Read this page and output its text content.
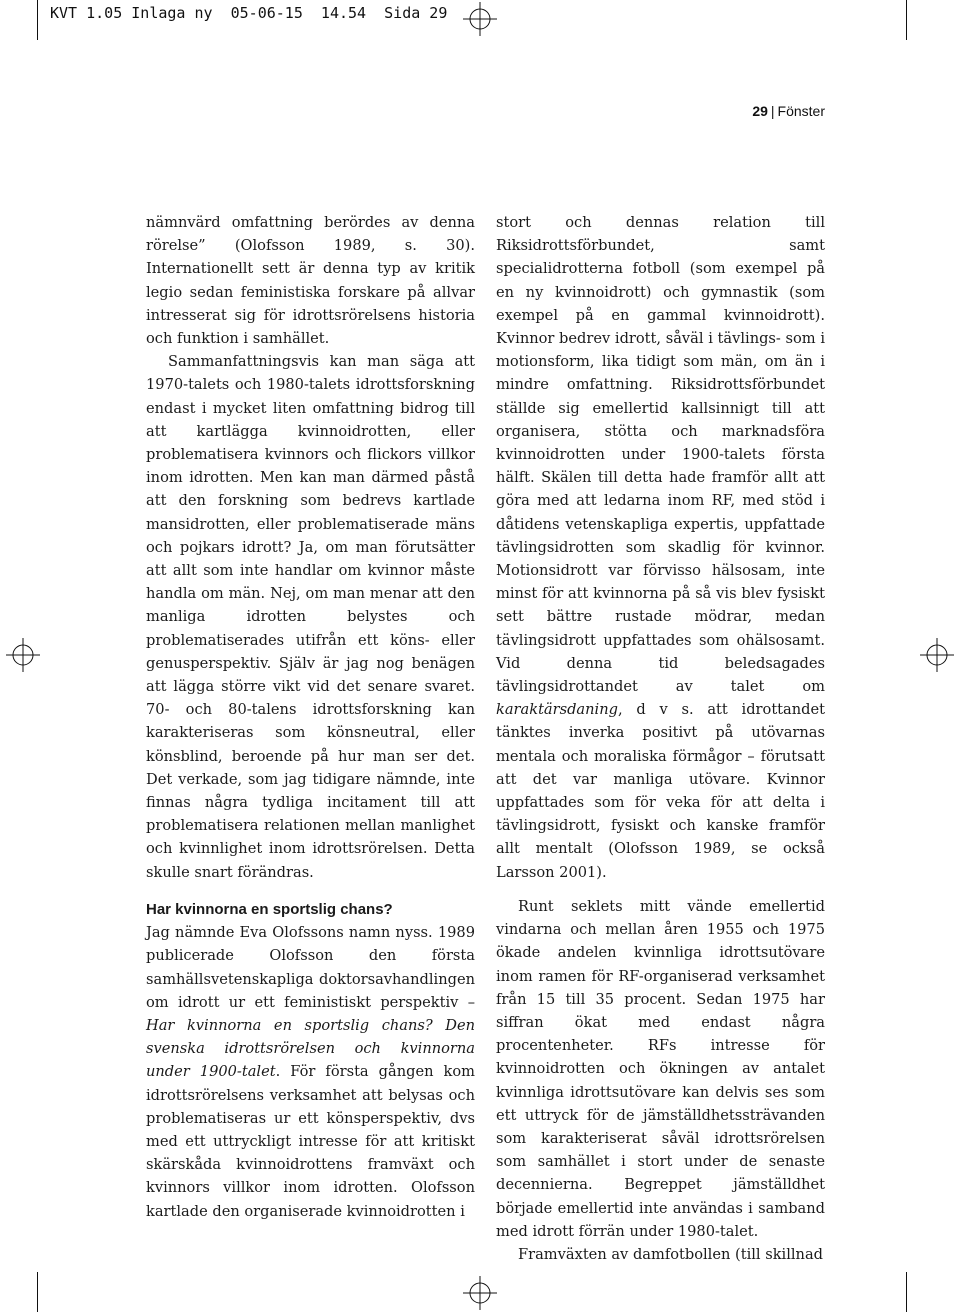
KVT 1.05 Inlaga ny  05-06-15  14.54  Sida 29
29 | Fönster

nämnvärd omfattning berördes av denna rörelse” (Olofsson 1989, s. 30). Internationellt sett är denna typ av kritik legio sedan feministiska forskare på allvar intresserat sig för idrottsrörelsens historia och funktion i samhället.

Sammanfattningsvis kan man säga att 1970-talets och 1980-talets idrottsforskning endast i mycket liten omfattning bidrog till att kartlägga kvinnoidrotten, eller problematisera kvinnors och flickors villkor inom idrotten. Men kan man därmed påstå att den forskning som bedrevs kartlade mansidrotten, eller problematiserade mäns och pojkars idrott? Ja, om man förutsätter att allt som inte handlar om kvinnor måste handla om män. Nej, om man menar att den manliga idrotten belystes och problematiserades utifrån ett köns- eller genusperspektiv. Själv är jag nog benägen att lägga större vikt vid det senare svaret. 70- och 80-talens idrottsforskning kan karakteriseras som könsneutral, eller könsblind, beroende på hur man ser det. Det verkade, som jag tidigare nämnde, inte finnas några tydliga incitament till att problematisera relationen mellan manlighet och kvinnlighet inom idrottsrörelsen. Detta skulle snart förändras.

Har kvinnorna en sportslig chans?

Jag nämnde Eva Olofssons namn nyss. 1989 publicerade Olofsson den första samhällsvetenskapliga doktorsavhandlingen om idrott ur ett feministiskt perspektiv – Har kvinnorna en sportslig chans? Den svenska idrottsrörelsen och kvinnorna under 1900-talet. För första gången kom idrottsrörelsens verksamhet att belysas och problematiseras ur ett könsperspektiv, dvs med ett uttryckligt intresse för att kritiskt skärskåda kvinnoidrottens framväxt och kvinnors villkor inom idrotten. Olofsson kartlade den organiserade kvinnoidrotten i

stort och dennas relation till Riksidrottsförbundet, samt specialidrotterna fotboll (som exempel på en ny kvinnoidrott) och gymnastik (som exempel på en gammal kvinnoidrott). Kvinnor bedrev idrott, såväl i tävlings- som i motionsform, lika tidigt som män, om än i mindre omfattning. Riksidrottsförbundet ställde sig emellertid kallsinnigt till att organisera, stötta och marknadsföra kvinnoidrotten under 1900-talets första hälft. Skälen till detta hade framför allt att göra med att ledarna inom RF, med stöd i dåtidens vetenskapliga expertis, uppfattade tävlingsidrotten som skadlig för kvinnor. Motionsidrott var förvisso hälsosam, inte minst för att kvinnorna på så vis blev fysiskt sett bättre rustade mödrar, medan tävlingsidrott uppfattades som ohälsosamt. Vid denna tid beledsagades tävlingsidrottandet av talet om karaktärsdaning, d v s. att idrottandet tänktes inverka positivt på utövarnas mentala och moraliska förmågor – förutsatt att det var manliga utövare. Kvinnor uppfattades som för veka för att delta i tävlingsidrott, fysiskt och kanske framför allt mentalt (Olofsson 1989, se också Larsson 2001).

Runt seklets mitt vände emellertid vindarna och mellan åren 1955 och 1975 ökade andelen kvinnliga idrottsutövare inom ramen för RF-organiserad verksamhet från 15 till 35 procent. Sedan 1975 har siffran ökat med endast några procentenheter. RFs intresse för kvinnoidrotten och ökningen av antalet kvinnliga idrottsutövare kan delvis ses som ett uttryck för de jämställdhetssträvanden som karakteriserat såväl idrottsrörelsen som samhället i stort under de senaste decennierna. Begreppet jämställdhet började emellertid inte användas i samband med idrott förrän under 1980-talet.

Framväxten av damfotbollen (till skillnad
